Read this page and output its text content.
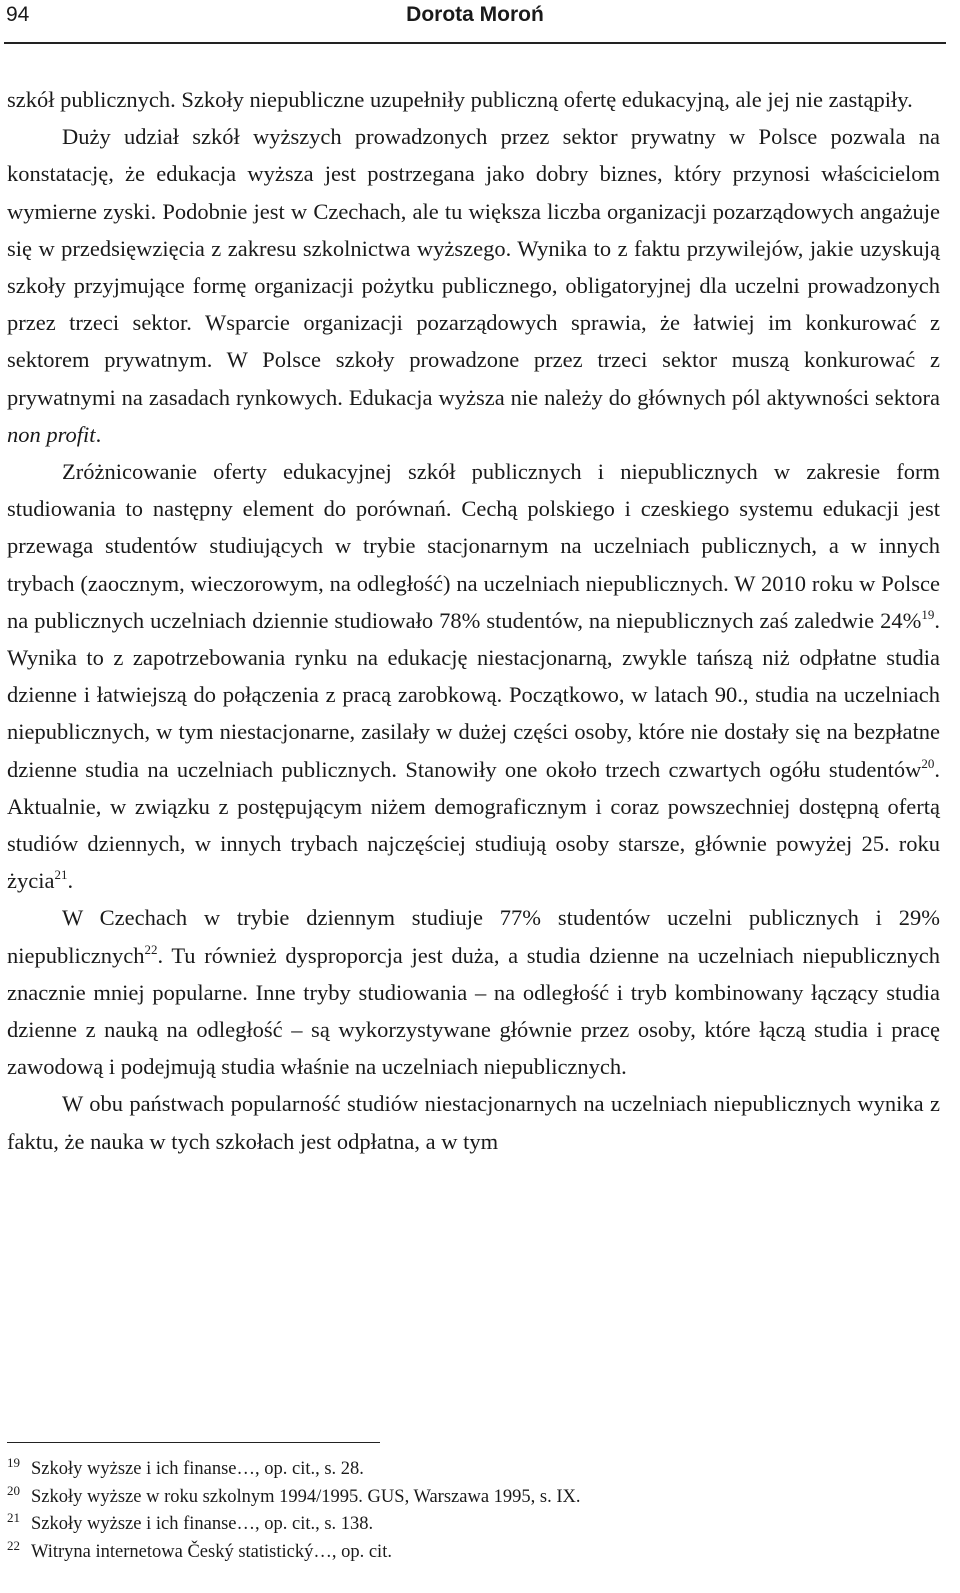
94	Dorota Moroń

szkół publicznych. Szkoły niepubliczne uzupełniły publiczną ofertę edukacyjną, ale jej nie zastąpiły.

Duży udział szkół wyższych prowadzonych przez sektor prywatny w Polsce pozwala na konstatację, że edukacja wyższa jest postrzegana jako dobry biznes, który przynosi właścicielom wymierne zyski. Podobnie jest w Czechach, ale tu większa liczba organizacji pozarządowych angażuje się w przedsięwzięcia z zakresu szkolnictwa wyższego. Wynika to z faktu przywilejów, jakie uzyskują szkoły przyjmujące formę organizacji pożytku publicznego, obligatoryjnej dla uczelni prowadzonych przez trzeci sektor. Wsparcie organizacji pozarządowych sprawia, że łatwiej im konkurować z sektorem prywatnym. W Polsce szkoły prowadzone przez trzeci sektor muszą konkurować z prywatnymi na zasadach rynkowych. Edukacja wyższa nie należy do głównych pól aktywności sektora non profit.

Zróżnicowanie oferty edukacyjnej szkół publicznych i niepublicznych w zakresie form studiowania to następny element do porównań. Cechą polskiego i czeskiego systemu edukacji jest przewaga studentów studiujących w trybie stacjonarnym na uczelniach publicznych, a w innych trybach (zaocznym, wieczorowym, na odległość) na uczelniach niepublicznych. W 2010 roku w Polsce na publicznych uczelniach dziennie studiowało 78% studentów, na niepublicznych zaś zaledwie 24%$^{19}$. Wynika to z zapotrzebowania rynku na edukację niestacjonarną, zwykle tańszą niż odpłatne studia dzienne i łatwiejszą do połączenia z pracą zarobkową. Początkowo, w latach 90., studia na uczelniach niepublicznych, w tym niestacjonarne, zasilały w dużej części osoby, które nie dostały się na bezpłatne dzienne studia na uczelniach publicznych. Stanowiły one około trzech czwartych ogółu studentów$^{20}$. Aktualnie, w związku z postępującym niżem demograficznym i coraz powszechniej dostępną ofertą studiów dziennych, w innych trybach najczęściej studiują osoby starsze, głównie powyżej 25. roku życia$^{21}$.

W Czechach w trybie dziennym studiuje 77% studentów uczelni publicznych i 29% niepublicznych$^{22}$. Tu również dysproporcja jest duża, a studia dzienne na uczelniach niepublicznych znacznie mniej popularne. Inne tryby studiowania – na odległość i tryb kombinowany łączący studia dzienne z nauką na odległość – są wykorzystywane głównie przez osoby, które łączą studia i pracę zawodową i podejmują studia właśnie na uczelniach niepublicznych.

W obu państwach popularność studiów niestacjonarnych na uczelniach niepublicznych wynika z faktu, że nauka w tych szkołach jest odpłatna, a w tym

19 Szkoły wyższe i ich finanse…, op. cit., s. 28.
20 Szkoły wyższe w roku szkolnym 1994/1995. GUS, Warszawa 1995, s. IX.
21 Szkoły wyższe i ich finanse…, op. cit., s. 138.
22 Witryna internetowa Český statistický…, op. cit.
